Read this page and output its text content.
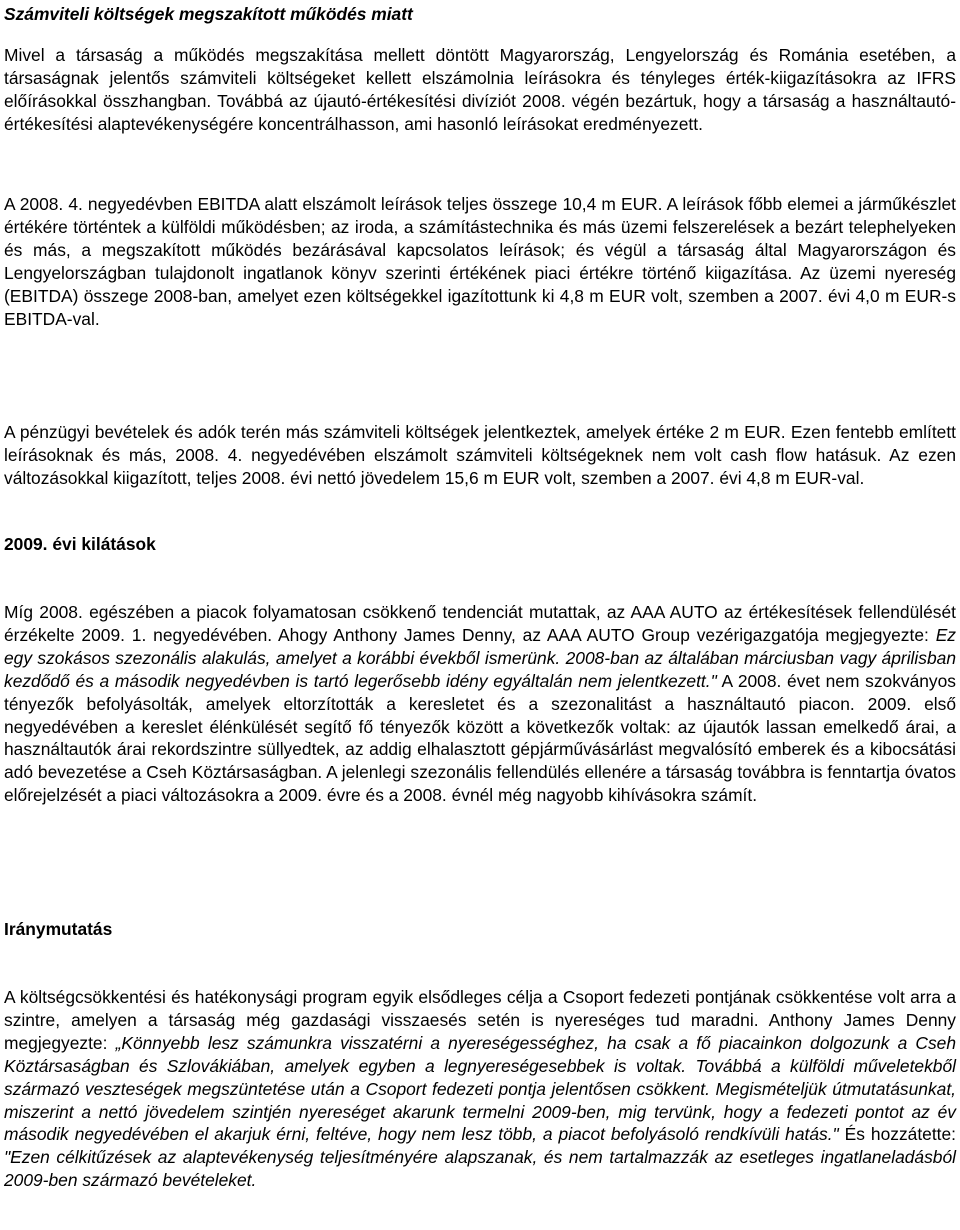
Számviteli költségek megszakított működés miatt

Mivel a társaság a működés megszakítása mellett döntött Magyarország, Lengyelország és Románia esetében, a társaságnak jelentős számviteli költségeket kellett elszámolnia leírásokra és tényleges érték-kiigazításokra az IFRS előírásokkal összhangban. Továbbá az újautó-értékesítési divíziót 2008. végén bezártuk, hogy a társaság a használtautó-értékesítési alaptevékenységére koncentrálhasson, ami hasonló leírásokat eredményezett.

A 2008. 4. negyedévben EBITDA alatt elszámolt leírások teljes összege 10,4 m EUR. A leírások főbb elemei a járműkészlet értékére történtek a külföldi működésben; az iroda, a számítástechnika és más üzemi felszerelések a bezárt telephelyeken és más, a megszakított működés bezárásával kapcsolatos leírások; és végül a társaság által Magyarországon és Lengyelországban tulajdonolt ingatlanok könyv szerinti értékének piaci értékre történő kiigazítása. Az üzemi nyereség (EBITDA) összege 2008-ban, amelyet ezen költségekkel igazítottunk ki 4,8 m EUR volt, szemben a 2007. évi 4,0 m EUR-s EBITDA-val.

A pénzügyi bevételek és adók terén más számviteli költségek jelentkeztek, amelyek értéke 2 m EUR. Ezen fentebb említett leírásoknak és más, 2008. 4. negyedévében elszámolt számviteli költségeknek nem volt cash flow hatásuk. Az ezen változásokkal kiigazított, teljes 2008. évi nettó jövedelem 15,6 m EUR volt, szemben a 2007. évi 4,8 m EUR-val.

2009. évi kilátások

Míg 2008. egészében a piacok folyamatosan csökkenő tendenciát mutattak, az AAA AUTO az értékesítések fellendülését érzékelte 2009. 1. negyedévében. Ahogy Anthony James Denny, az AAA AUTO Group vezérigazgatója megjegyezte: Ez egy szokásos szezonális alakulás, amelyet a korábbi évekből ismerünk. 2008-ban az általában márciusban vagy áprilisban kezdődő és a második negyedévben is tartó legerősebb idény egyáltalán nem jelentkezett." A 2008. évet nem szokványos tényezők befolyásolták, amelyek eltorzították a keresletet és a szezonalitást a használtautó piacon. 2009. első negyedévében a kereslet élénkülését segítő fő tényezők között a következők voltak: az újautók lassan emelkedő árai, a használtautók árai rekordszintre süllyedtek, az addig elhalasztott gépjárművásárlást megvalósító emberek és a kibocsátási adó bevezetése a Cseh Köztársaságban. A jelenlegi szezonális fellendülés ellenére a társaság továbbra is fenntartja óvatos előrejelzését a piaci változásokra a 2009. évre és a 2008. évnél még nagyobb kihívásokra számít.

Iránymutatás

A költségcsökkentési és hatékonysági program egyik elsődleges célja a Csoport fedezeti pontjának csökkentése volt arra a szintre, amelyen a társaság még gazdasági visszaesés setén is nyereséges tud maradni. Anthony James Denny megjegyezte: „Könnyebb lesz számunkra visszatérni a nyereségességhez, ha csak a fő piacainkon dolgozunk a Cseh Köztársaságban és Szlovákiában, amelyek egyben a legnyereségesebbek is voltak. Továbbá a külföldi műveletekből származó veszteségek megszüntetése után a Csoport fedezeti pontja jelentősen csökkent. Megismételjük útmutatásunkat, miszerint a nettó jövedelem szintjén nyereséget akarunk termelni 2009-ben, mig tervünk, hogy a fedezeti pontot az év második negyedévében el akarjuk érni, feltéve, hogy nem lesz több, a piacot befolyásoló rendkívüli hatás." És hozzátette: "Ezen célkitűzések az alaptevékenység teljesítményére alapszanak, és nem tartalmazzák az esetleges ingatlaneladásból 2009-ben származó bevételeket.
